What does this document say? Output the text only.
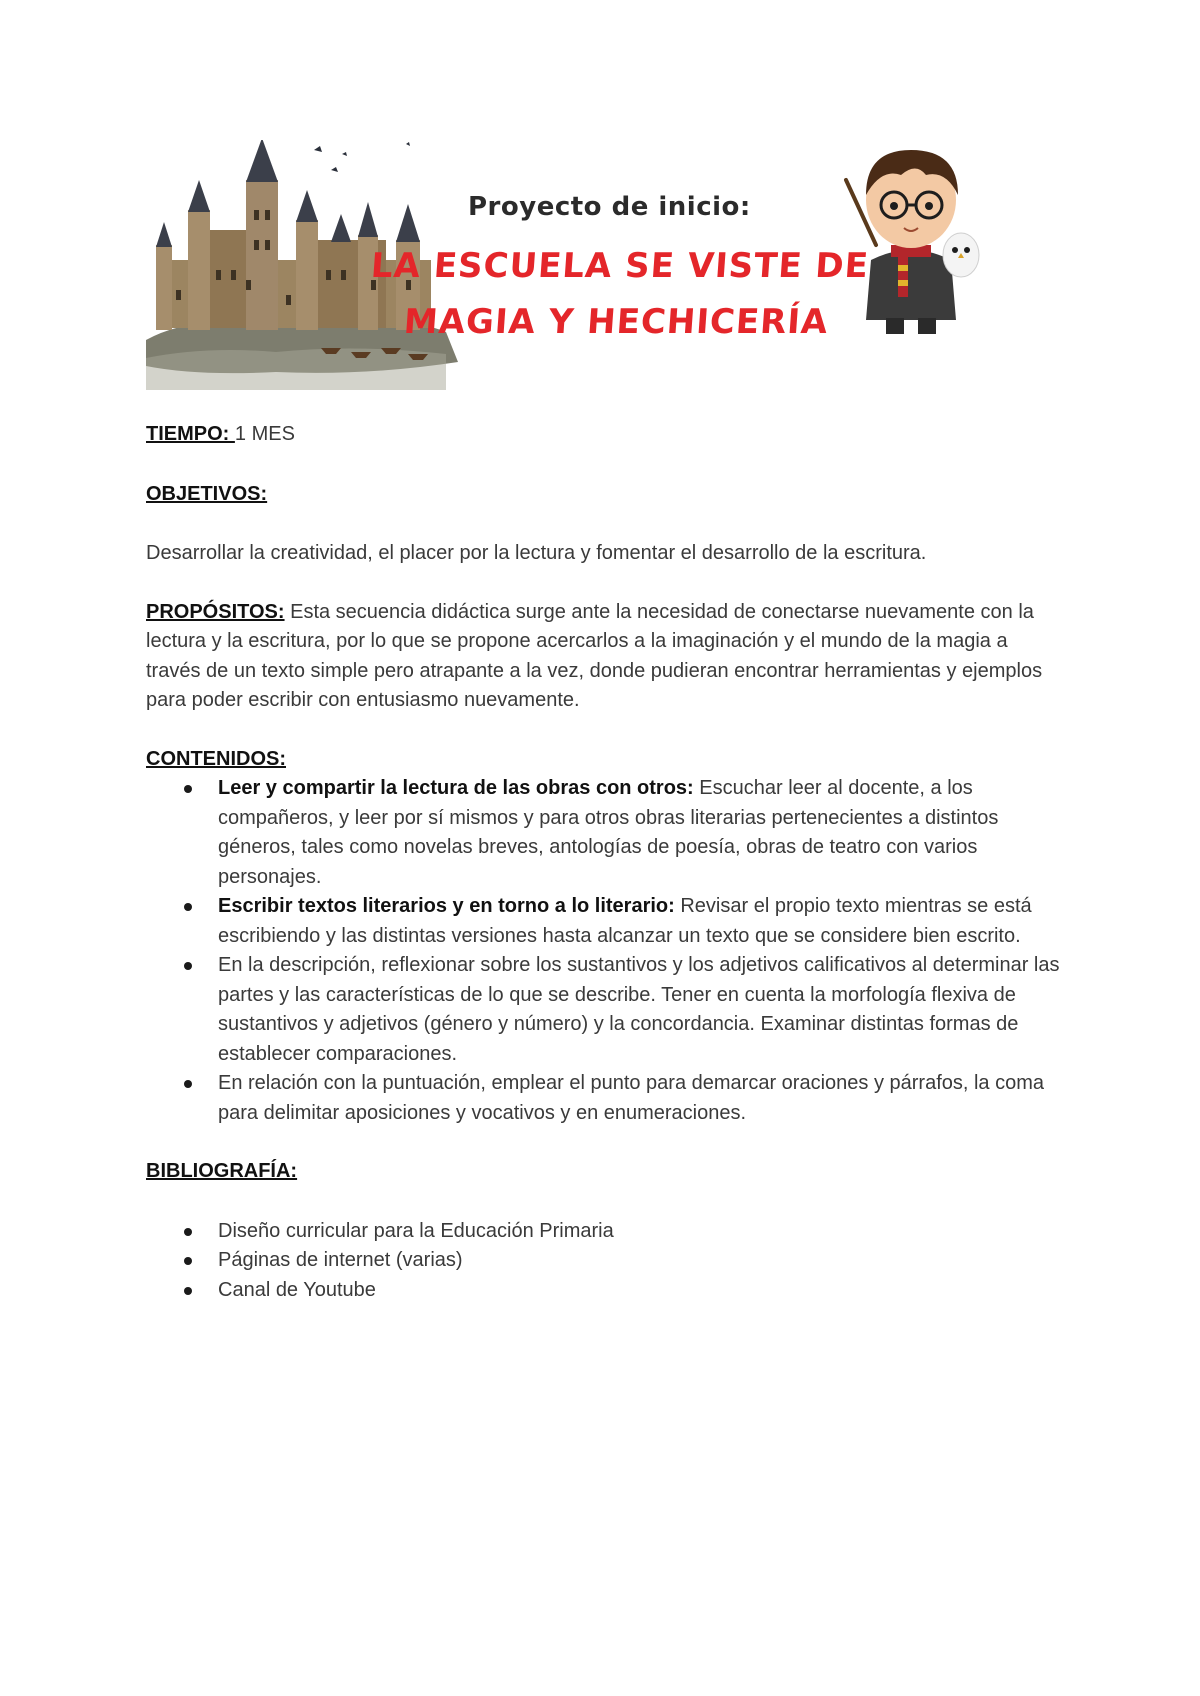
Proyecto de inicio:
LA ESCUELA SE VISTE DE
MAGIA Y HECHICERÍA

TIEMPO: 1 MES

OBJETIVOS:

Desarrollar la creatividad, el placer por la lectura y fomentar el desarrollo de la escritura.

PROPÓSITOS: Esta secuencia didáctica surge ante la necesidad de conectarse nuevamente con la lectura y la escritura, por lo que se propone acercarlos a la imaginación y el mundo de la magia a través de un texto simple pero atrapante a la vez, donde pudieran encontrar herramientas y ejemplos para poder escribir con entusiasmo nuevamente.

CONTENIDOS:

Leer y compartir la lectura de las obras con otros: Escuchar leer al docente, a los compañeros, y leer por sí mismos y para otros obras literarias pertenecientes a distintos géneros, tales como novelas breves, antologías de poesía, obras de teatro con varios personajes.
Escribir textos literarios y en torno a lo literario: Revisar el propio texto mientras se está escribiendo y las distintas versiones hasta alcanzar un texto que se considere bien escrito.
En la descripción, reflexionar sobre los sustantivos y los adjetivos calificativos al determinar las partes y las características de lo que se describe. Tener en cuenta la morfología flexiva de sustantivos y adjetivos (género y número) y la concordancia. Examinar distintas formas de establecer comparaciones.
En relación con la puntuación, emplear el punto para demarcar oraciones y párrafos, la coma para delimitar aposiciones y vocativos y en enumeraciones.

BIBLIOGRAFÍA:

Diseño curricular para la Educación Primaria
Páginas de internet (varias)
Canal de Youtube
